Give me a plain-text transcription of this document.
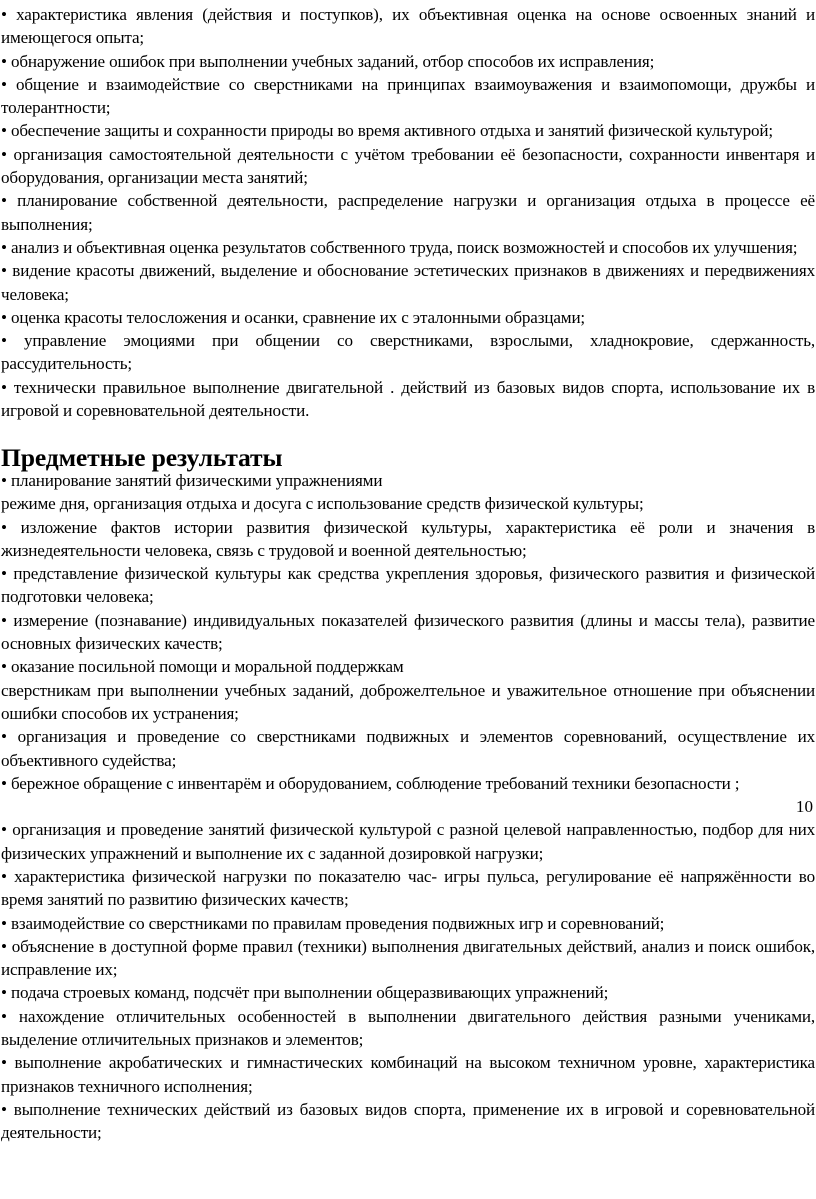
• характеристика явления (действия и поступков), их объективная оценка на основе освоенных знаний и имеющегося опыта;

• обнаружение ошибок при выполнении учебных заданий, отбор способов их исправления;

• общение и взаимодействие со сверстниками на принципах взаимоуважения и взаимопомощи, дружбы и толерантности;

• обеспечение защиты и сохранности природы во время активного отдыха и занятий физической культурой;

• организация самостоятельной деятельности с учётом требовании её безопасности, сохранности инвентаря и оборудования, организации места занятий;

• планирование собственной деятельности, распределение нагрузки и организация отдыха в процессе её выполнения;

• анализ и объективная оценка результатов собственного труда, поиск возможностей и способов их улучшения;

• видение красоты движений, выделение и обоснование эстетических признаков в движениях и передвижениях человека;

• оценка красоты телосложения и осанки, сравнение их с эталонными образцами;

• управление эмоциями при общении со сверстниками, взрослыми, хладнокровие, сдержанность, рассудительность;

• технически правильное выполнение двигательной . действий из базовых видов спорта, использование их в игровой и соревновательной деятельности.

Предметные результаты

• планирование занятий физическими упражнениями

режиме дня, организация отдыха и досуга с использование средств физической культуры;

• изложение фактов истории развития физической культуры, характеристика её роли и значения в жизнедеятельности человека, связь с трудовой и военной деятельностью;

• представление физической культуры как средства укрепления здоровья, физического развития и физической подготовки человека;

• измерение (познавание) индивидуальных показателей физического развития (длины и массы тела), развитие основных физических качеств;

• оказание посильной помощи и моральной поддержкам

сверстникам при выполнении учебных заданий, доброжелтельное и уважительное отношение при объяснении ошибки способов их устранения;

• организация и проведение со сверстниками подвижных и элементов соревнований, осуществление их объективного судейства;

• бережное обращение с инвентарём и оборудованием, соблюдение требований техники безопасности ;

10

• организация и проведение занятий физической культурой с разной целевой направленностью, подбор для них физических упражнений и выполнение их с заданной дозировкой нагрузки;

• характеристика физической нагрузки по показателю час- игры пульса, регулирование её напряжённости во время занятий по развитию физических качеств;

• взаимодействие со сверстниками по правилам проведения подвижных игр и соревнований;

• объяснение в доступной форме правил (техники) выполнения двигательных действий, анализ и поиск ошибок, исправление их;

• подача строевых команд, подсчёт при выполнении общеразвивающих упражнений;

• нахождение отличительных особенностей в выполнении двигательного действия разными учениками, выделение отличительных признаков и элементов;

• выполнение акробатических и гимнастических комбинаций на высоком техничном уровне, характеристика признаков техничного исполнения;

• выполнение технических действий из базовых видов спорта, применение их в игровой и соревновательной деятельн​ости;
